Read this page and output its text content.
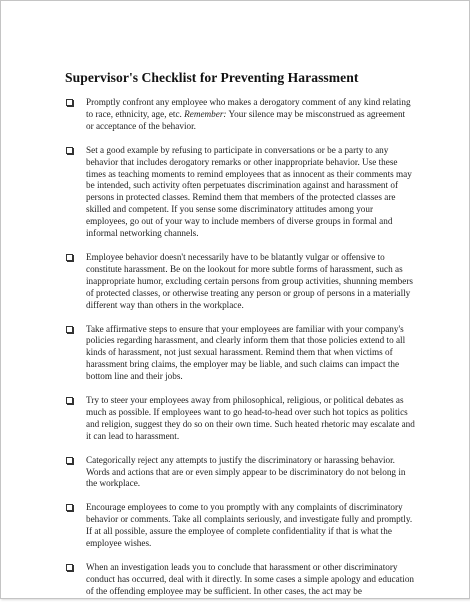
Supervisor's Checklist for Preventing Harassment
Promptly confront any employee who makes a derogatory comment of any kind relating to race, ethnicity, age, etc. Remember: Your silence may be misconstrued as agreement or acceptance of the behavior.
Set a good example by refusing to participate in conversations or be a party to any behavior that includes derogatory remarks or other inappropriate behavior. Use these times as teaching moments to remind employees that as innocent as their comments may be intended, such activity often perpetuates discrimination against and harassment of persons in protected classes. Remind them that members of the protected classes are skilled and competent. If you sense some discriminatory attitudes among your employees, go out of your way to include members of diverse groups in formal and informal networking channels.
Employee behavior doesn't necessarily have to be blatantly vulgar or offensive to constitute harassment. Be on the lookout for more subtle forms of harassment, such as inappropriate humor, excluding certain persons from group activities, shunning members of protected classes, or otherwise treating any person or group of persons in a materially different way than others in the workplace.
Take affirmative steps to ensure that your employees are familiar with your company's policies regarding harassment, and clearly inform them that those policies extend to all kinds of harassment, not just sexual harassment. Remind them that when victims of harassment bring claims, the employer may be liable, and such claims can impact the bottom line and their jobs.
Try to steer your employees away from philosophical, religious, or political debates as much as possible. If employees want to go head-to-head over such hot topics as politics and religion, suggest they do so on their own time. Such heated rhetoric may escalate and it can lead to harassment.
Categorically reject any attempts to justify the discriminatory or harassing behavior. Words and actions that are or even simply appear to be discriminatory do not belong in the workplace.
Encourage employees to come to you promptly with any complaints of discriminatory behavior or comments. Take all complaints seriously, and investigate fully and promptly. If at all possible, assure the employee of complete confidentiality if that is what the employee wishes.
When an investigation leads you to conclude that harassment or other discriminatory conduct has occurred, deal with it directly. In some cases a simple apology and education of the offending employee may be sufficient. In other cases, the act may be
